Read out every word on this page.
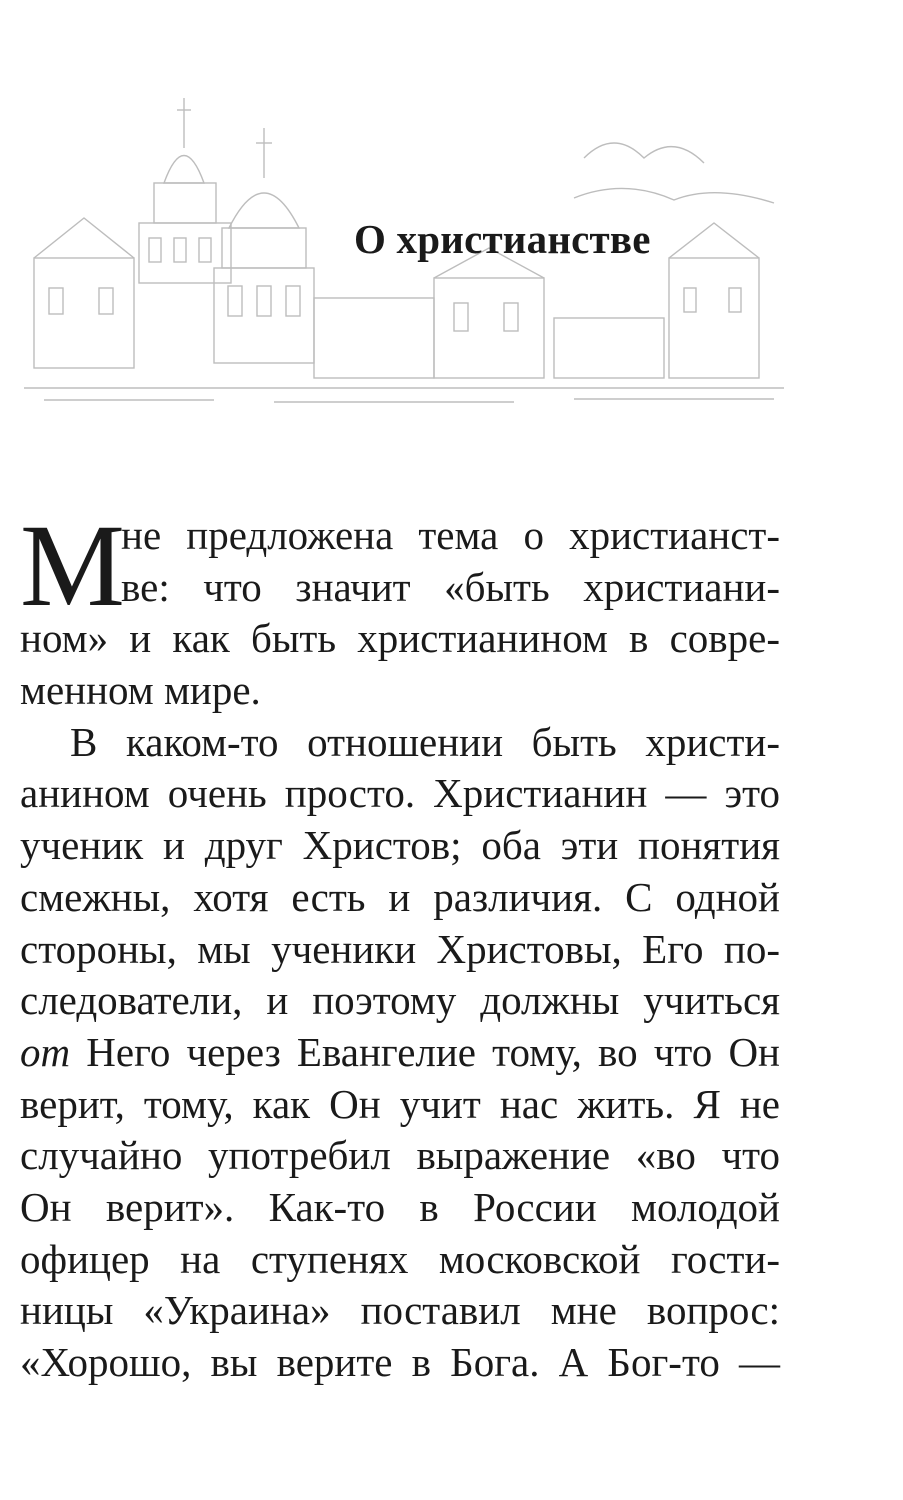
О христианстве
М
не предложена тема о христианст-
ве: что значит «быть христиани-
ном» и как быть христианином в совре-
менном мире.
В каком-то отношении быть христи-
анином очень просто. Христианин — это
ученик и друг Христов; оба эти понятия
смежны, хотя есть и различия. С одной
стороны, мы ученики Христовы, Его по-
следователи, и поэтому должны учиться
от Него через Евангелие тому, во что Он
верит, тому, как Он учит нас жить. Я не
случайно употребил выражение «во что
Он верит». Как-то в России молодой
офицер на ступенях московской гости-
ницы «Украина» поставил мне вопрос:
«Хорошо, вы верите в Бога. А Бог-то —
